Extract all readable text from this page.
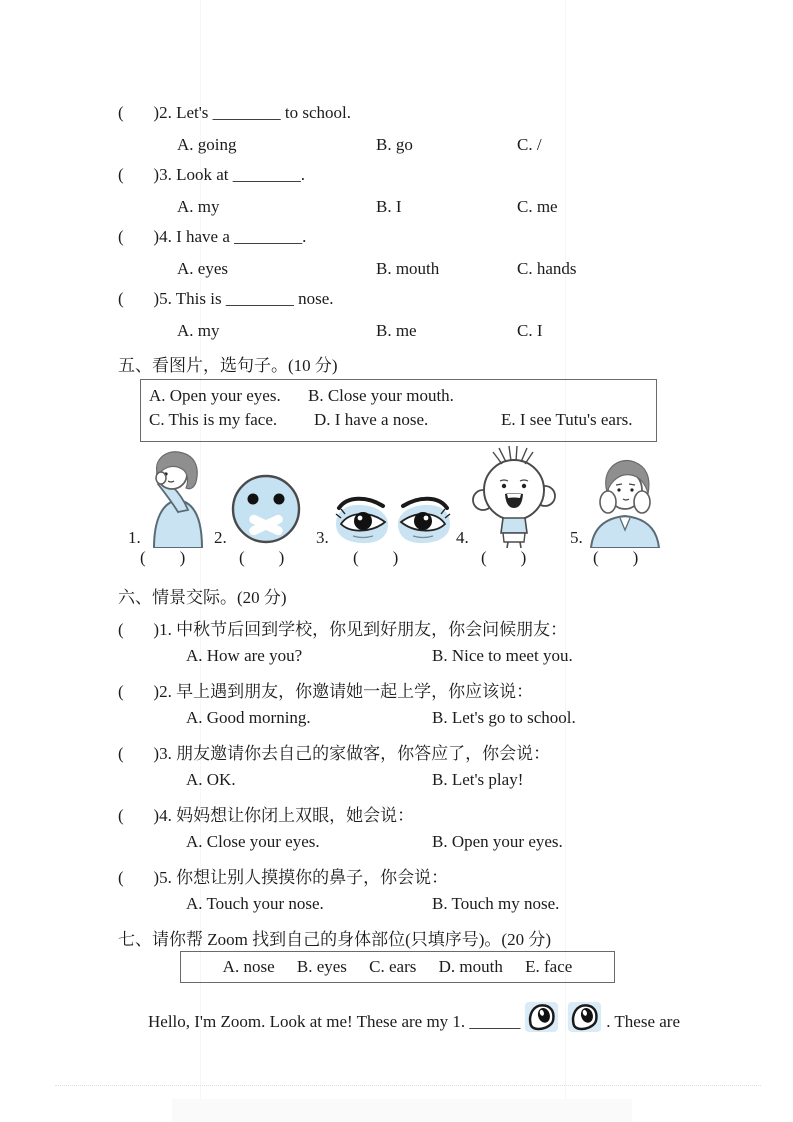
(       )2. Let's ________ to school.
A. going	B. go	C. /
(       )3. Look at ________.
A. my	B. I	C. me
(       )4. I have a ________.
A. eyes	B. mouth	C. hands
(       )5. This is ________ nose.
A. my	B. me	C. I
五、看图片，选句子。(10 分)
A. Open your eyes.	B. Close your mouth.
C. This is my face.	D. I have a nose.	E. I see Tutu's ears.
1.	2.	3.	4.	5.
(        )	(        )	(        )	(        )	(        )
六、情景交际。(20 分)
(       )1. 中秋节后回到学校，你见到好朋友，你会问候朋友：
A. How are you?	B. Nice to meet you.
(       )2. 早上遇到朋友，你邀请她一起上学，你应该说：
A. Good morning.	B. Let's go to school.
(       )3. 朋友邀请你去自己的家做客，你答应了，你会说：
A. OK.	B. Let's play!
(       )4. 妈妈想让你闭上双眼，她会说：
A. Close your eyes.	B. Open your eyes.
(       )5. 你想让别人摸摸你的鼻子，你会说：
A. Touch your nose.	B. Touch my nose.
七、请你帮 Zoom 找到自己的身体部位(只填序号)。(20 分)
A. nose B. eyes C. ears D. mouth E. face
Hello, I'm Zoom. Look at me! These are my 1. ______	. These are
